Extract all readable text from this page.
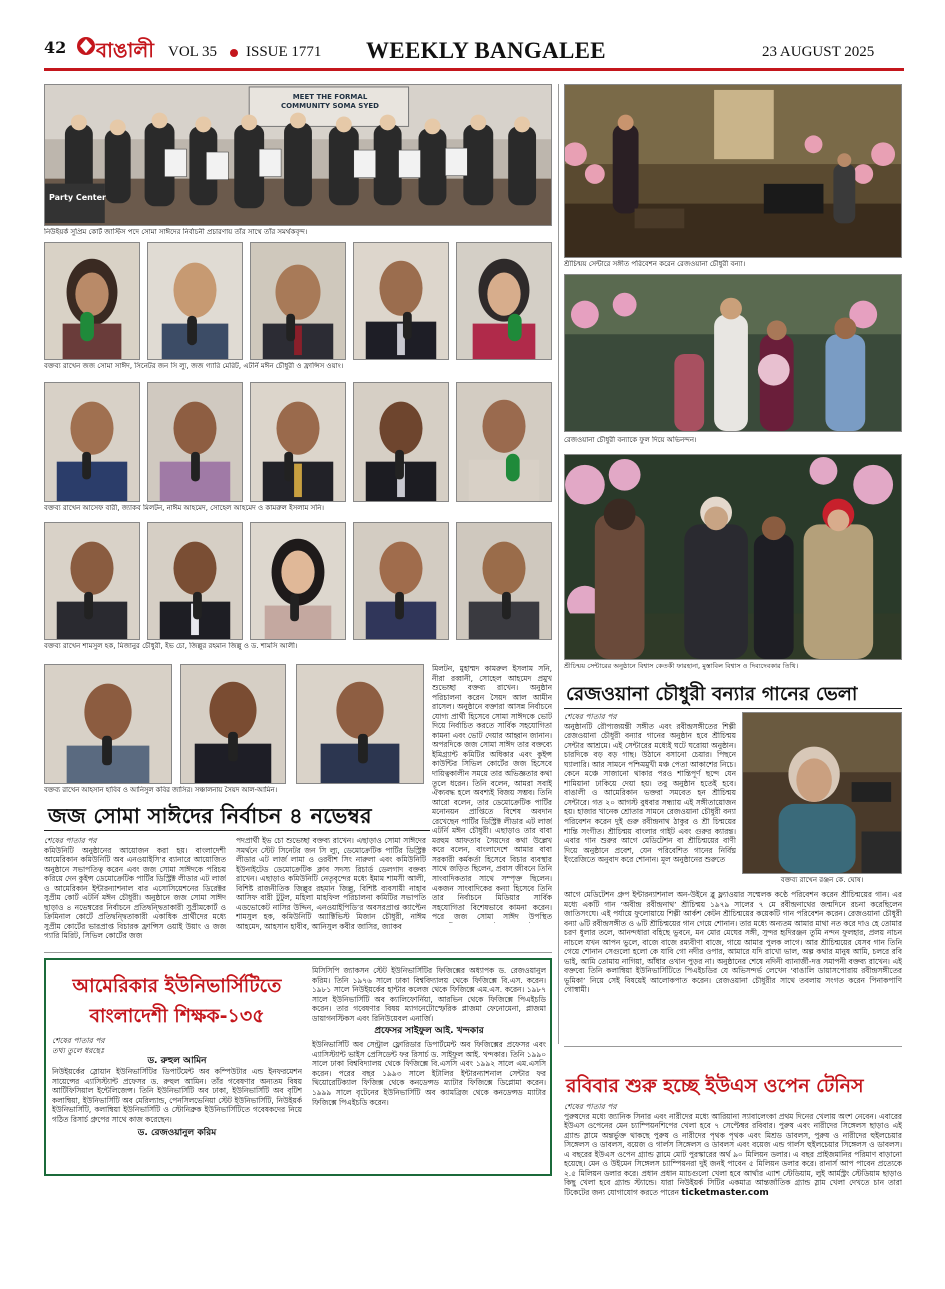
42 বাঙালী VOL 35 ISSUE 1771 WEEKLY BANGALEE	23 AUGUST 2025
MEET THE FORMAL COMMUNITY SOMA SYED
Party Center
নিউইয়র্ক সুপ্রিম কোর্ট জাস্টিস পদে সোমা সাঈদের নির্বাচনী প্রচারণায় তাঁর সাথে তাঁর সমর্থকবৃন্দ।
বক্তব্য রাখেন জজ সোমা সাঈদ, সিনেটর জন সি ল্যু, জজ গ্যারি মেরিট, এটর্নি মঈন চৌধুরী ও ফ্রান্সিস ওয়াং।
বক্তব্য রাখেন আসেফ বারী, জ্যাকব মিলটন, নাঈম আহমেদ, সোহেল আহমেদ ও কামরুল ইসলাম সনি।
বক্তব্য রাখেন শামসুল হক, মিজানুর চৌধুরী, ইভ চো, জিল্লুর রহমান জিল্লু ও ড. শামসি আলী।
বক্তব্য রাখেন আহসান হাবিব ও আনিসুল কবির জাসির। সঞ্চালনায় সৈয়দ আল-আমিন।

মিলটন, মুহাম্মদ কামরুল ইসলাম সনি, নীরা রব্বানী, সোহেল আহমেদ প্রমুখ শুভেচ্ছা বক্তব্য রাখেন। অনুষ্ঠান পরিচালনা করেন সৈয়দ আল আমীন রাসেল। অনুষ্ঠানে বক্তারা আসন্ন নির্বাচনে যোগ্য প্রার্থী হিসেবে সোমা সাঈদকে ভোট দিয়ে নির্বাচিত করতে সার্বিক সহযোগিতা কামনা এবং ভোট দেয়ার আহ্বান জানান। অপরদিকে জজ সোমা সাঈদ তার বক্তব্যে ইমিগ্র্যান্ট কমিটির অধিকার এবং কুইন্স কাউন্টির সিভিল কোর্টের জজ হিসেবে দায়িত্বকালীন সময়ে তার অভিজ্ঞতার কথা তুলে ধরেন। তিনি বলেন, আমরা সবাই ঐক্যবদ্ধ হলে অবশ্যই বিজয় সম্ভব। তিনি আরো বলেন, তার ডেমোক্রেটিক পার্টির মনোনয়ন প্রাপ্তিতে বিশেষ অবদান রেখেছেন পার্টির ডিস্ট্রিক্ট লীডার এট লার্জ এটর্নি মঈন চৌধুরী। এছাড়াও তার বাবা মরহুম আফতাব সৈয়দের কথা উল্লেখ করে বলেন, বাংলাদেশে আমার বাবা সরকারী কর্মকর্তা হিসেবে বিচার ব্যবস্থার সাথে জড়িত ছিলেন, প্রবাস জীবনে তিনি সাংবাদিকতার সাথে সম্পৃক্ত ছিলেন। একজন সাংবাদিকের কন্যা হিসেবে তিনি তার নির্বাচনে মিডিয়ার সার্বিক সহযোগিতা বিশেষভাবে কামনা করেন। পরে জজ সোমা সাঈদ উপস্থিত

জজ সোমা সাঈদের নির্বাচন ৪ নভেম্বর

শেষের পাতার পর

কমিউনিটি অনুষ্ঠানের আয়োজন করা হয়। বাংলাদেশী আমেরিকান কমিউনিটি অব এনওয়াইসি’র ব্যানারে আয়োজিত অনুষ্ঠানে সভাপতিত্ব করেন এবং জজ সোমা সাঈদকে পরিচয় করিয়ে দেন কুইন্স ডেমোক্রেটিক পার্টির ডিস্ট্রিক্ট লীডার এট লার্জ ও আমেরিকান ইন্টারন্যাশনাল বার এসোসিয়েশনের ডিরেক্টর সুপ্রীম কোর্ট এটর্নি মঈন চৌধুরী। অনুষ্ঠানে জজ সোমা সাঈদ ছাড়াও ৪ নভেম্বরের নির্বাচনে প্রতিদ্বন্দ্বিতাকারী সুপ্রীমকোর্ট ও ক্রিমিনাল কোর্টে প্রতিদ্বন্দ্বিতাকারী একাধিক প্রার্থীদের মধ্যে সুপ্রীম কোর্টের ভারপ্রাপ্ত বিচারক ফ্রান্সিস ওয়াই উয়াং ও জজ গ্যারি মিরিট, সিভিল কোর্টের জজ

পদপ্রার্থী ইভ চো শুভেচ্ছা বক্তব্য রাখেন। এছাড়াও সোমা সাঈদের সমর্থনে স্টেট সিনেটর জন সি ল্যু, ডেমোক্রেটিক পার্টির ডিস্ট্রিক্ট লীডার এট লার্জ লামা ও ওরবীশ সিং নারুলা এবং কমিউনিটি ইউনাইটেড ডেমোক্রেটিক ক্লাব সদস্য রিচার্ড ডেলগাদ বক্তব্য রাখেন। এছাড়াও কমিউনিটি নেতৃবৃন্দের মধ্যে ইমাম শামসী আলী, বিশিষ্ট রাজনীতিক জিল্লুর রহমান জিল্লু, বিশিষ্ট ব্যবসায়ী নাহাব আসিফ বারী টুটুল, মহিলা মাহফিল পরিচালনা কমিটির সভাপতি এডভোকেট নাসির উদ্দিন, এনওয়াইপিডি’র অবসরপ্রাপ্ত ক্যাপ্টেন শামসুল হক, কমিউনিটি অ্যাক্টিভিস্ট মিজান চৌধুরী, নাঈম আহমেদ, আহসান হাবীব, আনিসুল কবীর জাসির, জ্যাকব

আমেরিকার ইউনিভার্সিটিতে
বাংলাদেশী শিক্ষক-১৩৫

শেষের পাতার পর

তথ্য তুলে ধরছেঃ

ড. রুহুল আমিন

নিউইয়র্কের স্লোয়ান ইউনিভার্সিটির ডিপার্টমেন্ট অব কম্পিউটার এন্ড ইনফরমেশন সায়েন্সের এ্যাসিস্ট্যান্ট প্রফেসর ড. রুহুল আমিন। তাঁর গবেষণার অন্যতম বিষয় আর্টিফিসিয়াল ইন্টেলিজেন্স। তিনি ইউনিভার্সিটি অব ঢাকা, ইউনিভার্সিটি অব বৃটিশ কলাম্বিয়া, ইউনিভার্সিটি অব মেরিল্যান্ড, পেনসিলভেনিয়া স্টেট ইউনিভার্সিটি, নিউইয়র্ক ইউনিভার্সিটি, কলাম্বিয়া ইউনিভার্সিটি ও স্টোনিব্রুক ইউনিভার্সিটিতে গবেষকদের নিয়ে গঠিত রিসার্চ গ্রুপের সাথে কাজ করেছেন।

ড. রেজওয়ানুল করিম

মিসিসিপি জ্যাকসন স্টেট ইউনিভার্সিটির ফিজিক্সের অধ্যাপক ড. রেজওয়ানুল করিম। তিনি ১৯৭৬ সালে ঢাকা বিশ্ববিদ্যালয় থেকে ফিজিক্সে বি.এস. করেন। ১৯৮১ সালে নিউইয়র্কের হান্টার কলেজ থেকে ফিজিক্সে এম.এস. করেন। ১৯৮৭ সালে ইউনিভার্সিটি অব ক্যালিফোর্নিয়া, আরভিন থেকে ফিজিক্সে পিএইচডি করেন। তার গবেষণার বিষয় ম্যাগনেটোস্ফেরিক প্লাজমা ফেনোমেনা, প্লাজমা ডায়াগনস্টিকস এবং রিনিউয়েবল এনার্জি।

প্রফেসর সাইফুল আই. খন্দকার

ইউনিভার্সিটি অব সেন্ট্রাল ফ্লোরিডার ডিপার্টমেন্ট অব ফিজিক্সের প্রফেসর এবং এ্যাসিস্ট্যান্ট ভাইস প্রেসিডেন্ট ফর রিসার্চ ড. সাইফুল আই. খন্দকার। তিনি ১৯৯০ সালে ঢাকা বিশ্ববিদ্যালয় থেকে ফিজিক্সে বি.এসসি এবং ১৯৯২ সালে এম.এসসি করেন। পরের বছর ১৯৯৩ সালে ইটালির ইন্টারন্যাশনাল সেন্টার ফর থিয়োরেটিক্যাল ফিজিক্স থেকে কনডেন্সড ম্যাটার ফিজিক্সে ডিপ্লোমা করেন। ১৯৯৯ সালে বৃটেনের ইউনিভার্সিটি অব ক্যামব্রিজ থেকে কনডেন্সড ম্যাটার ফিজিক্সে পিএইচডি করেন।

শ্রীচিন্ময় সেন্টারে সঙ্গীত পরিবেশন করেন রেজওয়ানা চৌধুরী বন্যা।
রেজওয়ানা চৌধুরী বন্যাকে ফুল দিয়ে অভিনন্দন।
শ্রীচিন্ময় সেন্টারের অনুষ্ঠানে বিশ্বাস কেতকী ফারহানা, মুস্তাবিল বিশ্বাস ও দিব্যদেবকার তিথি।
রেজওয়ানা চৌধুরী বন্যার গানের ভেলা

শেষের পাতার পর

অনুষ্ঠানটি রৌপ্যজয়ন্তী সঙ্গীত এবং রবীন্দ্রসঙ্গীতের শিল্পী রেজওয়ানা চৌধুরী বন্যার গানের অনুষ্ঠান হবে শ্রীচিন্ময় সেন্টার আশ্রমে। এই সেন্টারের মধ্যেই ঘটে ঘরোয়া অনুষ্ঠান। চারদিকে বড় বড় গাছ। উঠানে বসানো চেয়ার। পিছনে ঘ্যালারি। আর সামনে পশ্চিমমুখী মঞ্চ পেতা আকাশের নিচে। কেনে মঞ্চে সাজানো থাকার পরও শান্তিপূর্ণ ছন্দে যেন শামিয়ানা ঢাকিয়ে দেয়া হয়। তবু অনুষ্ঠান হতেই হবে। বাঙালী ও আমেরিকান ভক্তরা সমবেত হন শ্রীচিন্ময় সেন্টারে। গত ২০ আগস্ট বুধবার সন্ধ্যায় এই সঙ্গীতায়োজন হয়। হাজার খানেক শ্রোতার সামনে রেজওয়ানা চৌধুরী বন্যা পরিবেশন করেন দুই গুরু রবীন্দ্রনাথ ঠাকুর ও শ্রী চিন্ময়ের শান্তি সংগীত। শ্রীচিন্ময় বাংলার গাইট এবং গুরুর ক্যারন্ত। এবার গান শুরুর আগে মেডিটেশন বা শ্রীচিন্ময়ের বাণী দিয়ে অনুষ্ঠানে প্রবেশ, যেন পরিবেশিত গানের নির্বিঘ্ন ইংরেজিতে অনুবাদ করে শোনান। মূল অনুষ্ঠানের শুরুতে

বক্তব্য রাখেন রঞ্জন কে. ঘোষ।

আগে মেডিটেশন গ্রুপ ইন্টারন্যাশনাল অন-উইনে ব্লু ফ্ল্যাওয়ার সম্মেলক কণ্ঠে পরিবেশন করেন শ্রীচিন্ময়ের গান। এর মধ্যে একটি গান ‘অবীন্দ্র রবীন্দ্রনাথ’ শ্রীচিন্ময় ১৯৭৯ সালের ৭ মে রবীন্দ্রনাথের জন্মদিনে রচনা করেছিলেন জাতিসংঘে। এই পর্যায়ে ফুলোয়ায়ে শিল্পী আর্কশ কেটন শ্রীচিন্ময়ের কয়েকটি গান পরিবেশন করেন। রেজওয়ানা চৌধুরী বন্যা ৬টি রবীন্দ্রসঙ্গীত ও ৬টি শ্রীচিন্ময়ের গান গেয়ে শোনান। তার মধ্যে অন্যতম আমার মাথা নত করে দাও হে তোমার চরণ ধুলার তলে, আনন্দধারা বহিছে ভুবনে, মন মোর মেঘের সঙ্গী, সুন্দর হৃদিরঞ্জন তুমি নন্দন ফুলহার, প্রলয় নাচন নাচলে যখন আপন ভুলে, বাজে বাজে রম্যবীণা বাজে, গায়ে আমার পুলক লাগে। আর শ্রীচিন্ময়ের যেসব গান তিনি গেয়ে শোনান সেগুলো হলো কে যাবি গো নদীর ওপার, আমারে যদি রাখো ভাল, অল্প কথার মানুষ আমি, চলরে রবি ভাই, আমি তোমায় নাগিয়া, আঁধার ওখান পুড়র না। অনুষ্ঠানের শেষে নদিনী ব্যানার্জী-দত্ত সমাপনী বক্তব্য রাখেন। এই বক্তব্যে তিনি কলাম্বিয়া ইউনিভার্সিটিতে পিএইচডির যে অভিসন্দর্ভ লেখেন ‘বাঙালি ডায়াসপোরায় রবীন্দ্রসঙ্গীতের ভূমিকা’ নিয়ে সেই বিষয়েই আলোকপাত করেন। রেজওয়ানা চৌধুরীর সাথে তবলায় সংগত করেন পিনাকপাণি গোস্বামী।

রবিবার শুরু হচ্ছে ইউএস ওপেন টেনিস

শেষের পাতার পর

পুরুষদের মধ্যে জ্যানিক সিনার এবং নারীদের মধ্যে আরিয়ানা স্যাবালেংকা প্রথম দিনের খেলায় অংশ নেবেন। এবারের ইউএস ওপেনের মেন চ্যাম্পিয়নশিপের খেলা হবে ৭ সেপ্টেম্বর রবিবার। পুরুষ এবং নারীদের সিঙ্গেলস ছাড়াও এই গ্র্যান্ড স্লামে অন্তর্ভুক্ত থাকছে পুরুষ ও নারীদের পৃথক পৃথক এবং মিশ্রড ডাবলস, পুরুষ ও নারীদের হুইলচেয়ার সিঙ্গেলস ও ডাবলস, বয়েজ ও গার্লস সিঙ্গেলস ও ডাবলস এবং বয়েজ এন্ড গার্লস হুইলচেয়ার সিঙ্গেলস ও ডাবলস। এ বছরের ইউএস ওপেন গ্র্যান্ড স্লামে মোট পুরস্কারের অর্থ ৯০ মিলিয়ন ডলার। এ বছর প্রাইজমানির পরিমাণ বাড়ানো হয়েছে। মেন ও উইমেন সিঙ্গেলস চ্যাম্পিয়নরা দুই জনই পাবেন ৫ মিলিয়ন ডলার করে। রানার্স আপ পাবেন প্রত্যেকে ২.৫ মিলিয়ন ডলার করে। প্রধান প্রধান ম্যাচগুলো খেলা হবে আর্থার এ্যাশ স্টেডিয়াম, লুই আর্মস্ট্রং স্টেডিয়াম ছাড়াও কিছু খেলা হবে গ্র্যান্ড স্ট্যান্ডে। যারা নিউইয়র্ক সিটির একমাত্র আন্তর্জাতিক গ্র্যান্ড স্লাম খেলা দেখতে চান তারা টিকেটের জন্য যোগাযোগ করতে পারেন ticketmaster.com
